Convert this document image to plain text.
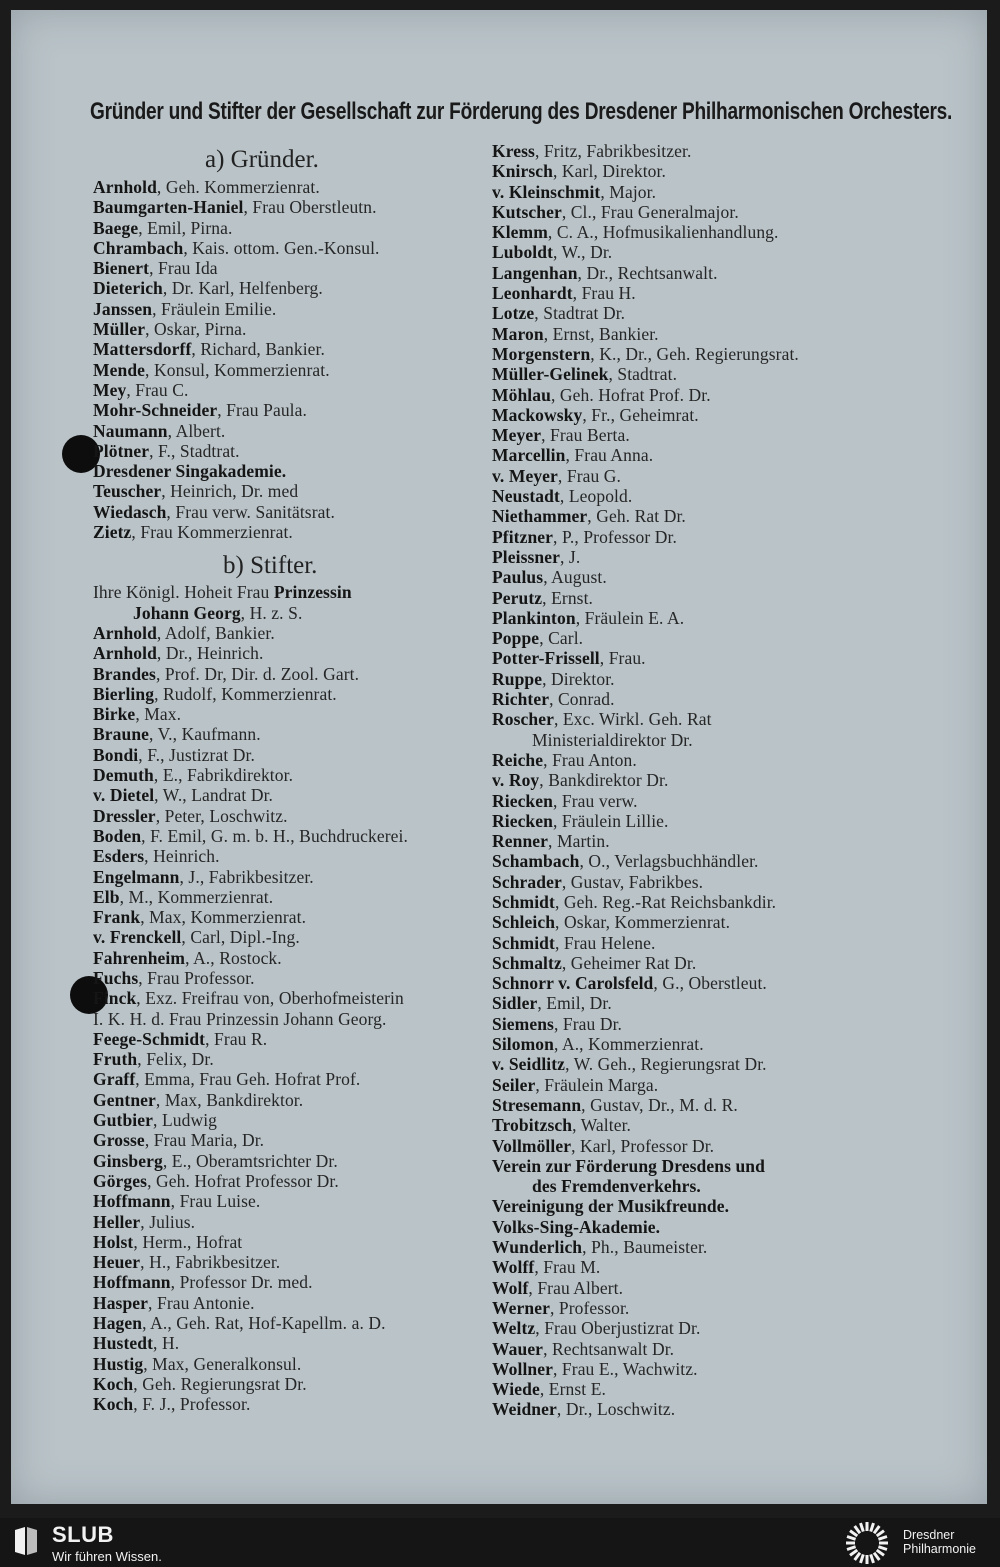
Gründer und Stifter der Gesellschaft zur Förderung des Dresdener Philharmonischen Orchesters.
a) Gründer.
Arnhold, Geh. Kommerzienrat.
Baumgarten-Haniel, Frau Oberstleutn.
Baege, Emil, Pirna.
Chrambach, Kais. ottom. Gen.-Konsul.
Bienert, Frau Ida
Dieterich, Dr. Karl, Helfenberg.
Janssen, Fräulein Emilie.
Müller, Oskar, Pirna.
Mattersdorff, Richard, Bankier.
Mende, Konsul, Kommerzienrat.
Mey, Frau C.
Mohr-Schneider, Frau Paula.
Naumann, Albert.
Plötner, F., Stadtrat.
Dresdener Singakademie.
Teuscher, Heinrich, Dr. med
Wiedasch, Frau verw. Sanitätsrat.
Zietz, Frau Kommerzienrat.
b) Stifter.
Ihre Königl. Hoheit Frau Prinzessin
Johann Georg, H. z. S.
Arnhold, Adolf, Bankier.
Arnhold, Dr., Heinrich.
Brandes, Prof. Dr, Dir. d. Zool. Gart.
Bierling, Rudolf, Kommerzienrat.
Birke, Max.
Braune, V., Kaufmann.
Bondi, F., Justizrat Dr.
Demuth, E., Fabrikdirektor.
v. Dietel, W., Landrat Dr.
Dressler, Peter, Loschwitz.
Boden, F. Emil, G. m. b. H., Buchdruckerei.
Esders, Heinrich.
Engelmann, J., Fabrikbesitzer.
Elb, M., Kommerzienrat.
Frank, Max, Kommerzienrat.
v. Frenckell, Carl, Dipl.-Ing.
Fahrenheim, A., Rostock.
Fuchs, Frau Professor.
Finck, Exz. Freifrau von, Oberhofmeisterin
I. K. H. d. Frau Prinzessin Johann Georg.
Feege-Schmidt, Frau R.
Fruth, Felix, Dr.
Graff, Emma, Frau Geh. Hofrat Prof.
Gentner, Max, Bankdirektor.
Gutbier, Ludwig
Grosse, Frau Maria, Dr.
Ginsberg, E., Oberamtsrichter Dr.
Görges, Geh. Hofrat Professor Dr.
Hoffmann, Frau Luise.
Heller, Julius.
Holst, Herm., Hofrat
Heuer, H., Fabrikbesitzer.
Hoffmann, Professor Dr. med.
Hasper, Frau Antonie.
Hagen, A., Geh. Rat, Hof-Kapellm. a. D.
Hustedt, H.
Hustig, Max, Generalkonsul.
Koch, Geh. Regierungsrat Dr.
Koch, F. J., Professor.
Kress, Fritz, Fabrikbesitzer.
Knirsch, Karl, Direktor.
v. Kleinschmit, Major.
Kutscher, Cl., Frau Generalmajor.
Klemm, C. A., Hofmusikalienhandlung.
Luboldt, W., Dr.
Langenhan, Dr., Rechtsanwalt.
Leonhardt, Frau H.
Lotze, Stadtrat Dr.
Maron, Ernst, Bankier.
Morgenstern, K., Dr., Geh. Regierungsrat.
Müller-Gelinek, Stadtrat.
Möhlau, Geh. Hofrat Prof. Dr.
Mackowsky, Fr., Geheimrat.
Meyer, Frau Berta.
Marcellin, Frau Anna.
v. Meyer, Frau G.
Neustadt, Leopold.
Niethammer, Geh. Rat Dr.
Pfitzner, P., Professor Dr.
Pleissner, J.
Paulus, August.
Perutz, Ernst.
Plankinton, Fräulein E. A.
Poppe, Carl.
Potter-Frissell, Frau.
Ruppe, Direktor.
Richter, Conrad.
Roscher, Exc. Wirkl. Geh. Rat
Ministerialdirektor Dr.
Reiche, Frau Anton.
v. Roy, Bankdirektor Dr.
Riecken, Frau verw.
Riecken, Fräulein Lillie.
Renner, Martin.
Schambach, O., Verlagsbuchhändler.
Schrader, Gustav, Fabrikbes.
Schmidt, Geh. Reg.-Rat Reichsbankdir.
Schleich, Oskar, Kommerzienrat.
Schmidt, Frau Helene.
Schmaltz, Geheimer Rat Dr.
Schnorr v. Carolsfeld, G., Oberstleut.
Sidler, Emil, Dr.
Siemens, Frau Dr.
Silomon, A., Kommerzienrat.
v. Seidlitz, W. Geh., Regierungsrat Dr.
Seiler, Fräulein Marga.
Stresemann, Gustav, Dr., M. d. R.
Trobitzsch, Walter.
Vollmöller, Karl, Professor Dr.
Verein zur Förderung Dresdens und
des Fremdenverkehrs.
Vereinigung der Musikfreunde.
Volks-Sing-Akademie.
Wunderlich, Ph., Baumeister.
Wolff, Frau M.
Wolf, Frau Albert.
Werner, Professor.
Weltz, Frau Oberjustizrat Dr.
Wauer, Rechtsanwalt Dr.
Wollner, Frau E., Wachwitz.
Wiede, Ernst E.
Weidner, Dr., Loschwitz.
SLUB
Wir führen Wissen.
Dresdner
Philharmonie
